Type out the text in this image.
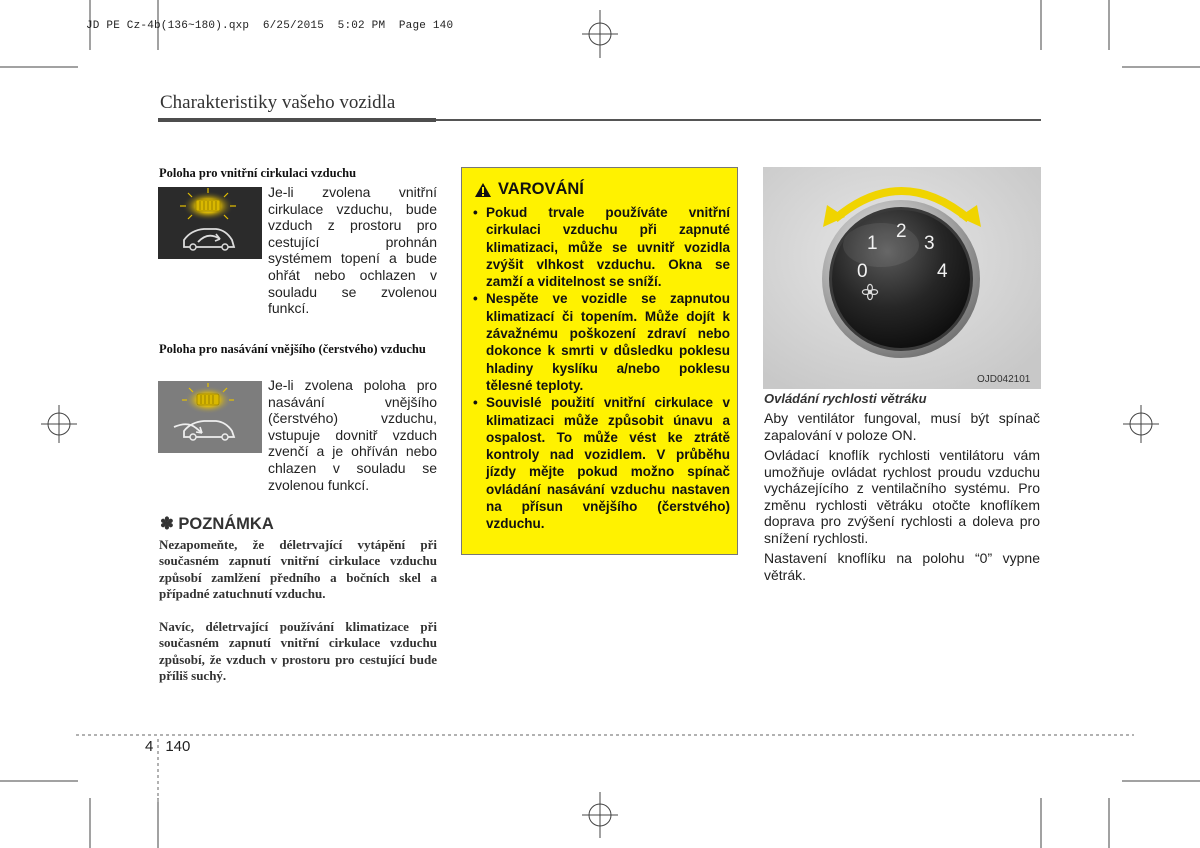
JD PE Cz-4b(136~180).qxp  6/25/2015  5:02 PM  Page 140
Charakteristiky vašeho vozidla
Poloha pro vnitřní cirkulaci vzduchu
Je-li zvolena vnitřní cirkulace vzduchu, bude vzduch z prostoru pro cestující prohnán systémem topení a bude ohřát nebo ochlazen v souladu se zvolenou funkcí.
Poloha pro nasávání vnějšího (čerstvého) vzduchu
Je-li zvolena poloha pro nasávání vnějšího (čerstvého) vzduchu, vstupuje dovnitř vzduch zvenčí a je ohříván nebo chlazen v souladu se zvolenou funkcí.
✽ POZNÁMKA
Nezapomeňte, že déletrvající vytápění při současném zapnutí vnitřní cirkulace vzduchu způsobí zamlžení předního a bočních skel a případné zatuchnutí vzduchu.
Navíc, déletrvající používání klimatizace při současném zapnutí vnitřní cirkulace vzduchu způsobí, že vzduch v prostoru pro cestující bude příliš suchý.
VAROVÁNÍ
• Pokud trvale používáte vnitřní cirkulaci vzduchu při zapnuté klimatizaci, může se uvnitř vozidla zvýšit vlhkost vzduchu. Okna se zamží a viditelnost se sníží.
• Nespěte ve vozidle se zapnutou klimatizací či topením. Může dojít k závažnému poškození zdraví nebo dokonce k smrti v důsledku poklesu hladiny kyslíku a/nebo poklesu tělesné teploty.
• Souvislé použití vnitřní cirkulace v klimatizaci může způsobit únavu a ospalost. To může vést ke ztrátě kontroly nad vozidlem. V průběhu jízdy mějte pokud možno spínač ovládání nasávání vzduchu nastaven na přísun vnějšího (čerstvého) vzduchu.
0
1
2
3
4
OJD042101
Ovládání rychlosti větráku
Aby ventilátor fungoval, musí být spínač zapalování v poloze ON.
Ovládací knoflík rychlosti ventilátoru vám umožňuje ovládat rychlost proudu vzduchu vycházejícího z ventilačního systému. Pro změnu rychlosti větráku otočte knoflíkem doprava pro zvýšení rychlosti a doleva pro snížení rychlosti.
Nastavení knoflíku na polohu “0” vypne větrák.
4 140
